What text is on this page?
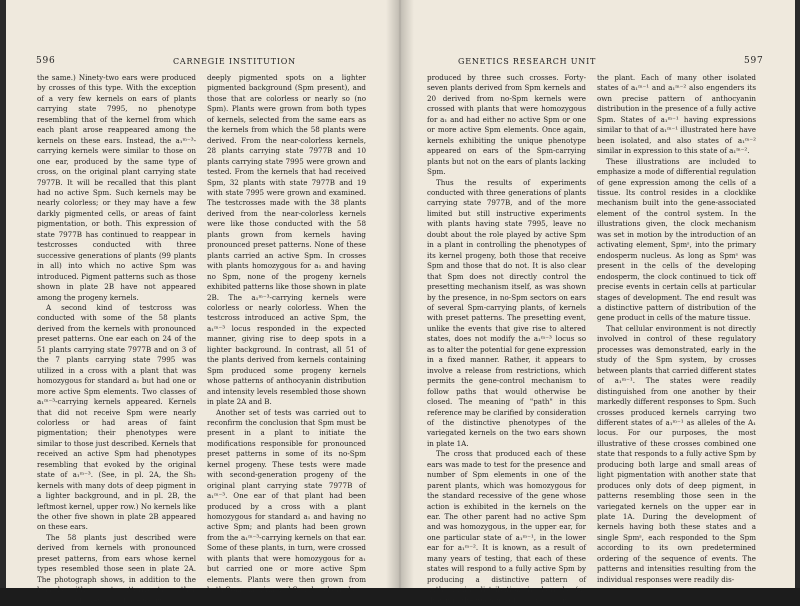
596	CARNEGIE INSTITUTION	GENETICS RESEARCH UNIT	597

the same.) Ninety-two ears were produced by crosses of this type. With the exception of a very few kernels on ears of plants carrying state 7995, no phenotype resembling that of the kernel from which each plant arose reappeared among the kernels on these ears. Instead, the a₁ᵐ⁻³-carrying kernels were similar to those on one ear, produced by the same type of cross, on the original plant carrying state 7977B. It will be recalled that this plant had no active Spm. Such kernels may be nearly colorless; or they may have a few darkly pigmented cells, or areas of faint pigmentation, or both. This expression of state 7977B has continued to reappear in testcrosses conducted with three successive generations of plants (99 plants in all) into which no active Spm was introduced. Pigment patterns such as those shown in plate 2B have not appeared among the progeny kernels.

A second kind of testcross was conducted with some of the 58 plants derived from the kernels with pronounced preset patterns. One ear each on 24 of the 51 plants carrying state 7977B and on 3 of the 7 plants carrying state 7995 was utilized in a cross with a plant that was homozygous for standard a₁ but had one or more active Spm elements. Two classes of a₁ᵐ⁻³-carrying kernels appeared. Kernels that did not receive Spm were nearly colorless or had areas of faint pigmentation; their phenotypes were similar to those just described. Kernels that received an active Spm had phenotypes resembling that evoked by the original state of a₁ᵐ⁻³. (See, in pl. 2A, the Sh₂ kernels with many dots of deep pigment in a lighter background, and in pl. 2B, the leftmost kernel, upper row.) No kernels like the other five shown in plate 2B appeared on these ears.

The 58 plants just described were derived from kernels with pronounced preset patterns, from ears whose kernel types resembled those seen in plate 2A. The photograph shows, in addition to the kernels with preset patterns, two other classes of Sh₂ kernels: those having

deeply pigmented spots on a lighter pigmented background (Spm present), and those that are colorless or nearly so (no Spm). Plants were grown from both types of kernels, selected from the same ears as the kernels from which the 58 plants were derived. From the near-colorless kernels, 28 plants carrying state 7977B and 10 plants carrying state 7995 were grown and tested. From the kernels that had received Spm, 32 plants with state 7977B and 19 with state 7995 were grown and examined. The testcrosses made with the 38 plants derived from the near-colorless kernels were like those conducted with the 58 plants grown from kernels having pronounced preset patterns. None of these plants carried an active Spm. In crosses with plants homozygous for a₁ and having no Spm, none of the progeny kernels exhibited patterns like those shown in plate 2B. The a₁ᵐ⁻³-carrying kernels were colorless or nearly colorless. When the testcross introduced an active Spm, the a₁ᵐ⁻³ locus responded in the expected manner, giving rise to deep spots in a lighter background. In contrast, all 51 of the plants derived from kernels containing Spm produced some progeny kernels whose patterns of anthocyanin distribution and intensity levels resembled those shown in plate 2A and B.

Another set of tests was carried out to reconfirm the conclusion that Spm must be present in a plant to initiate the modifications responsible for pronounced preset patterns in some of its no-Spm kernel progeny. These tests were made with second-generation progeny of the original plant carrying state 7977B of a₁ᵐ⁻³. One ear of that plant had been produced by a cross with a plant homozygous for standard a₁ and having no active Spm; and plants had been grown from the a₁ᵐ⁻³-carrying kernels on that ear. Some of these plants, in turn, were crossed with plants that were homozygous for a₁ but carried one or more active Spm elements. Plants were then grown from both Spm-carrying and Spm-less kernels

produced by three such crosses. Forty-seven plants derived from Spm kernels and 20 derived from no-Spm kernels were crossed with plants that were homozygous for a₁ and had either no active Spm or one or more active Spm elements. Once again, kernels exhibiting the unique phenotype appeared on ears of the Spm-carrying plants but not on the ears of plants lacking Spm.

Thus the results of experiments conducted with three generations of plants carrying state 7977B, and of the more limited but still instructive experiments with plants having state 7995, leave no doubt about the role played by active Spm in a plant in controlling the phenotypes of its kernel progeny, both those that receive Spm and those that do not. It is also clear that Spm does not directly control the presetting mechanism itself, as was shown by the presence, in no-Spm sectors on ears of several Spm-carrying plants, of kernels with preset patterns. The presetting event, unlike the events that give rise to altered states, does not modify the a₁ᵐ⁻³ locus so as to alter the potential for gene expression in a fixed manner. Rather, it appears to involve a release from restrictions, which permits the gene-control mechanism to follow paths that would otherwise be closed. The meaning of "path" in this reference may be clarified by consideration of the distinctive phenotypes of the variegated kernels on the two ears shown in plate 1A.

The cross that produced each of these ears was made to test for the presence and number of Spm elements in one of the parent plants, which was homozygous for the standard recessive of the gene whose action is exhibited in the kernels on the ear. The other parent had no active Spm and was homozygous, in the upper ear, for one particular state of a₁ᵐ⁻¹, in the lower ear for a₁ᵐ⁻². It is known, as a result of many years of testing, that each of these states will respond to a fully active Spm by producing a distinctive pattern of anthocyanin distribution in kernels (as shown in the photograph) as well as in

the plant. Each of many other isolated states of a₁ᵐ⁻¹ and a₁ᵐ⁻² also engenders its own precise pattern of anthocyanin distribution in the presence of a fully active Spm. States of a₁ᵐ⁻¹ having expressions similar to that of a₁ᵐ⁻¹ illustrated here have been isolated, and also states of a₁ᵐ⁻² similar in expression to this state of a₁ᵐ⁻².

These illustrations are included to emphasize a mode of differential regulation of gene expression among the cells of a tissue. Its control resides in a clocklike mechanism built into the gene-associated element of the control system. In the illustrations given, the clock mechanism was set in motion by the introduction of an activating element, Spmˢ, into the primary endosperm nucleus. As long as Spmˢ was present in the cells of the developing endosperm, the clock continued to tick off precise events in certain cells at particular stages of development. The end result was a distinctive pattern of distribution of the gene product in cells of the mature tissue.

That cellular environment is not directly involved in control of these regulatory processes was demonstrated, early in the study of the Spm system, by crosses between plants that carried different states of a₁ᵐ⁻¹. The states were readily distinguished from one another by their markedly different responses to Spm. Such crosses produced kernels carrying two different states of a₁ᵐ⁻¹ as alleles of the A₁ locus. For our purposes, the most illustrative of these crosses combined one state that responds to a fully active Spm by producing both large and small areas of light pigmentation with another state that produces only dots of deep pigment, in patterns resembling those seen in the variegated kernels on the upper ear in plate 1A. During the development of kernels having both these states and a single Spmˢ, each responded to the Spm according to its own predetermined ordering of the sequence of events. The patterns and intensities resulting from the individual responses were readily dis-
